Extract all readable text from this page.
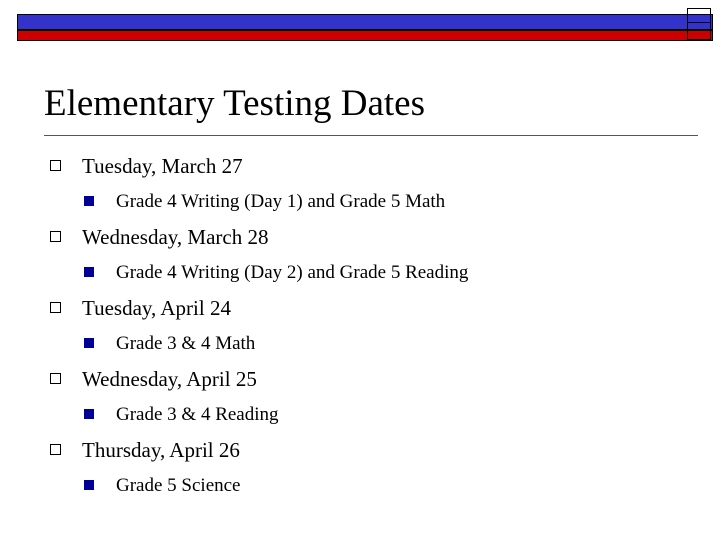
Elementary Testing Dates
Tuesday, March 27
Grade 4 Writing (Day 1) and Grade 5 Math
Wednesday, March 28
Grade 4 Writing (Day 2) and Grade 5 Reading
Tuesday, April 24
Grade 3 & 4 Math
Wednesday, April 25
Grade 3 & 4 Reading
Thursday, April 26
Grade 5 Science
